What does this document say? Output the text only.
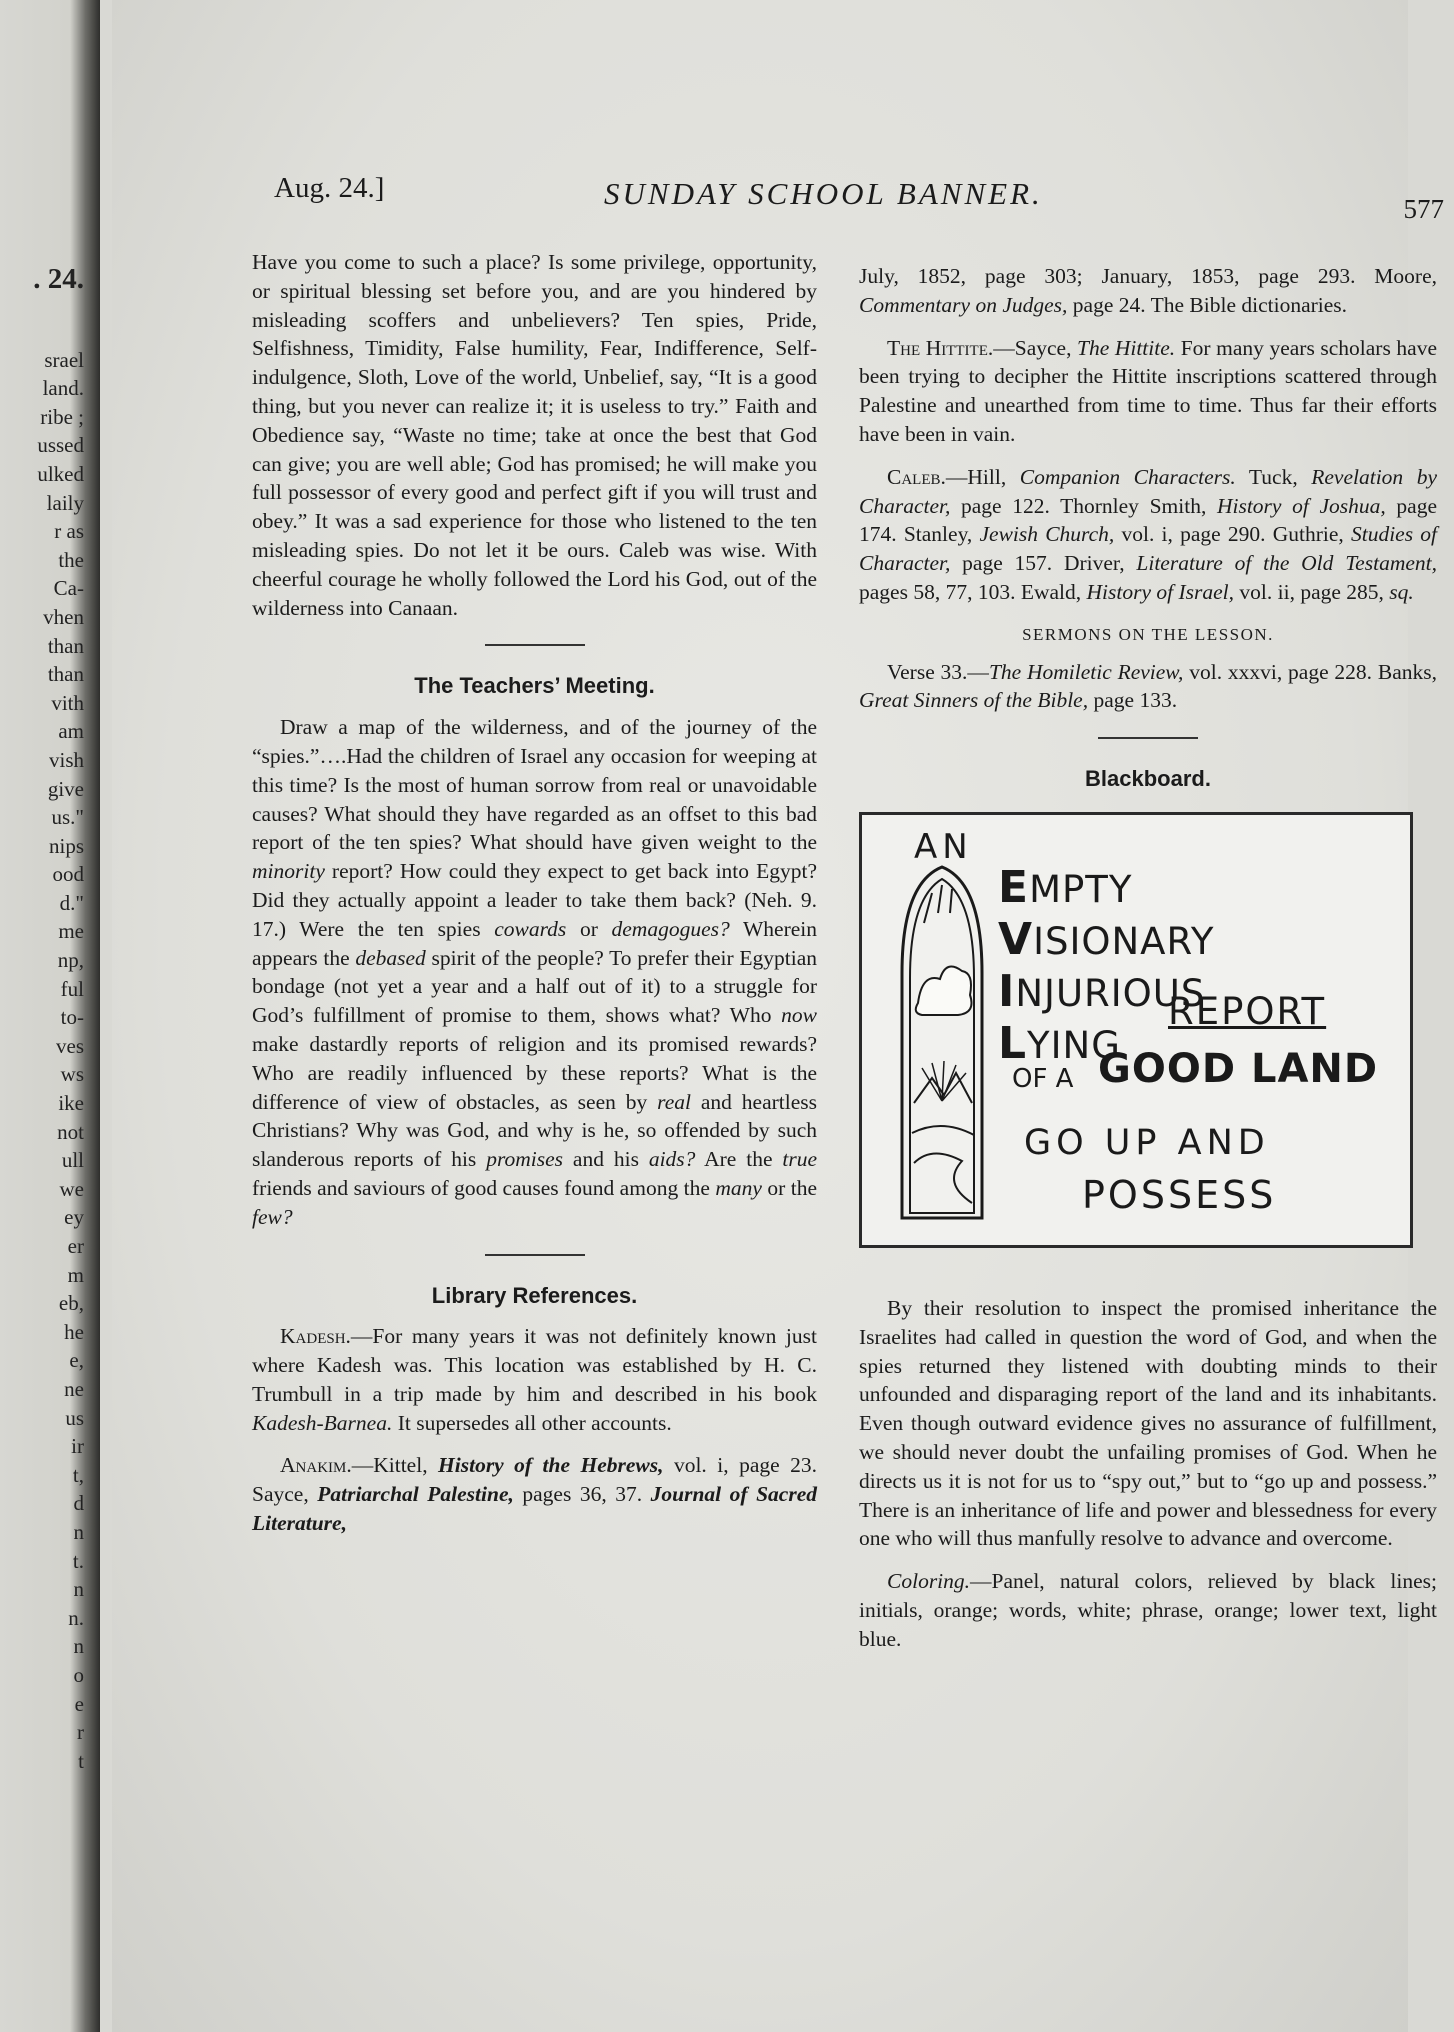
. 24.
srael
land.
ribe ;
ussed
ulked
laily
r as
the
Ca-
vhen
than
than
vith
am
vish
give
us."
nips
ood
d."
me
np,
ful
to-
ves
ws
ike
not
ull
we
ey
er
m
eb,
he
e,
ne
us
ir
t,
d
n
t.
n
n.
n
o
e
r
t
Aug. 24.]	SUNDAY SCHOOL BANNER.	577

Have you come to such a place? Is some privilege, opportunity, or spiritual blessing set before you, and are you hindered by misleading scoffers and unbelievers? Ten spies, Pride, Selfishness, Timidity, False humility, Fear, Indifference, Self-indulgence, Sloth, Love of the world, Unbelief, say, “It is a good thing, but you never can realize it; it is useless to try.” Faith and Obedience say, “Waste no time; take at once the best that God can give; you are well able; God has promised; he will make you full possessor of every good and perfect gift if you will trust and obey.” It was a sad experience for those who listened to the ten misleading spies. Do not let it be ours. Caleb was wise. With cheerful courage he wholly followed the Lord his God, out of the wilderness into Canaan.

The Teachers’ Meeting.

Draw a map of the wilderness, and of the journey of the “spies.”….Had the children of Israel any occasion for weeping at this time? Is the most of human sorrow from real or unavoidable causes? What should they have regarded as an offset to this bad report of the ten spies? What should have given weight to the minority report? How could they expect to get back into Egypt? Did they actually appoint a leader to take them back? (Neh. 9. 17.) Were the ten spies cowards or demagogues? Wherein appears the debased spirit of the people? To prefer their Egyptian bondage (not yet a year and a half out of it) to a struggle for God’s fulfillment of promise to them, shows what? Who now make dastardly reports of religion and its promised rewards? Who are readily influenced by these reports? What is the difference of view of obstacles, as seen by real and heartless Christians? Why was God, and why is he, so offended by such slanderous reports of his promises and his aids? Are the true friends and saviours of good causes found among the many or the few?

Library References.

Kadesh.—For many years it was not definitely known just where Kadesh was. This location was established by H. C. Trumbull in a trip made by him and described in his book Kadesh-Barnea. It supersedes all other accounts.

Anakim.—Kittel, History of the Hebrews, vol. i, page 23. Sayce, Patriarchal Palestine, pages 36, 37. Journal of Sacred Literature,

July, 1852, page 303; January, 1853, page 293. Moore, Commentary on Judges, page 24. The Bible dictionaries.

The Hittite.—Sayce, The Hittite. For many years scholars have been trying to decipher the Hittite inscriptions scattered through Palestine and unearthed from time to time. Thus far their efforts have been in vain.

Caleb.—Hill, Companion Characters. Tuck, Revelation by Character, page 122. Thornley Smith, History of Joshua, page 174. Stanley, Jewish Church, vol. i, page 290. Guthrie, Studies of Character, page 157. Driver, Literature of the Old Testament, pages 58, 77, 103. Ewald, History of Israel, vol. ii, page 285, sq.

SERMONS ON THE LESSON.

Verse 33.—The Homiletic Review, vol. xxxvi, page 228. Banks, Great Sinners of the Bible, page 133.

Blackboard.
AN
EMPTY
VISIONARY
INJURIOUS
LYING
REPORT
OF A GOOD LAND
GO UP AND
POSSESS

By their resolution to inspect the promised inheritance the Israelites had called in question the word of God, and when the spies returned they listened with doubting minds to their unfounded and disparaging report of the land and its inhabitants. Even though outward evidence gives no assurance of fulfillment, we should never doubt the unfailing promises of God. When he directs us it is not for us to “spy out,” but to “go up and possess.” There is an inheritance of life and power and blessedness for every one who will thus manfully resolve to advance and overcome.

Coloring.—Panel, natural colors, relieved by black lines; initials, orange; words, white; phrase, orange; lower text, light blue.
